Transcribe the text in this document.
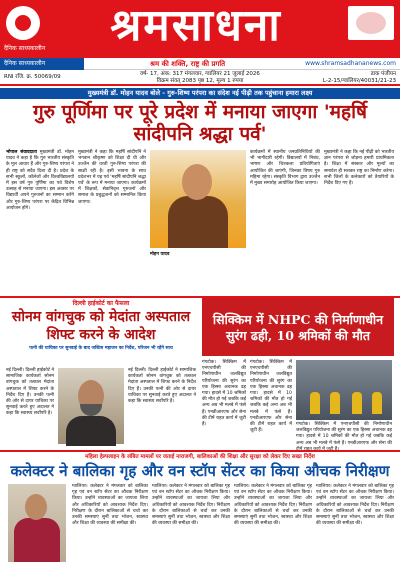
श्रमसाधना
दैनिक साध्यकालीन
दैनिक साध्यकालीन	श्रम की शक्ति, राष्ट्र की प्रगति	www.shramsadhananews.com
RNI रजि. क्र. 50069/09	वर्ष- 17, अंक: 317 मंगलवार, ग्वालियर 21 जुलाई 2026
विक्रम संवत् 2083 पृष्ठ 12, मूल्य 1 रुपया
डाक पंजीयन
L-2-15/ग्वालियर/40031/21-23
मुख्यमंत्री डॉ. मोहन यादव बोले - गुरु-शिष्य परंपरा का संदेश नई पीढ़ी तक पहुंचाना हमारा लक्ष्य
गुरु पूर्णिमा पर पूरे प्रदेश में मनाया जाएगा 'महर्षि सांदीपनि श्रद्धा पर्व'
भोपाल संवाददाता मुख्यमंत्री डॉ. मोहन यादव ने कहा है कि गुरु भारतीय संस्कृति के मूल आधार हैं और गुरु-शिष्य परंपरा ने ही राष्ट्र को सदैव दिशा दी है। प्रदेश के सभी स्कूलों, कॉलेजों और विश्वविद्यालयों में इस वर्ष गुरु पूर्णिमा का पर्व विशेष उत्साह से मनाया जाएगा। इस अवसर पर विद्यार्थी अपने गुरुजनों का सम्मान करेंगे और गुरु-शिष्य परंपरा पर केंद्रित विभिन्न आयोजन होंगे।
मुख्यमंत्री ने कहा कि महर्षि सांदीपनि ने भगवान श्रीकृष्ण को शिक्षा दी थी और उज्जैन की धरती गुरु-शिष्य परंपरा की साक्षी रही है। इसी भावना के साथ प्रदेशभर में यह पर्व 'महर्षि सांदीपनि श्रद्धा पर्व' के रूप में मनाया जाएगा। कार्यक्रमों में शिक्षकों, सेवानिवृत्त गुरुजनों और समाज के प्रबुद्धजनों को सम्मानित किया जाएगा।
मोहन यादव
कार्यक्रमों में स्थानीय जनप्रतिनिधियों की भी भागीदारी रहेगी। विद्यालयों में निबंध, भाषण और चित्रकला प्रतियोगिताएं आयोजित की जाएंगी, जिनका विषय गुरु महिमा रहेगा। संस्कृति विभाग द्वारा उज्जैन में मुख्य समारोह आयोजित किया जाएगा।
मुख्यमंत्री ने कहा कि नई पीढ़ी को भारतीय ज्ञान परंपरा से जोड़ना हमारी प्राथमिकता है। शिक्षा में संस्कार और मूल्यों का समावेश ही सशक्त राष्ट्र का निर्माण करेगा। सभी जिलों के कलेक्टरों को तैयारियों के निर्देश दिए गए हैं।
दिल्ली हाईकोर्ट का फैसला
सोनम वांगचुक को मेदांता अस्पताल शिफ्ट करने के आदेश
पत्नी की याचिका पर सुनवाई के बाद जस्टिस महाजन का निर्देश, परिजन भी रहेंगे साथ
नई दिल्ली। दिल्ली हाईकोर्ट ने सामाजिक कार्यकर्ता सोनम वांगचुक को तत्काल मेदांता अस्पताल में शिफ्ट करने के निर्देश दिए हैं। उनकी पत्नी की ओर से दायर याचिका पर सुनवाई करते हुए अदालत ने कहा कि स्वास्थ्य सर्वोपरि है।
नई दिल्ली। दिल्ली हाईकोर्ट ने सामाजिक कार्यकर्ता सोनम वांगचुक को तत्काल मेदांता अस्पताल में शिफ्ट करने के निर्देश दिए हैं। उनकी पत्नी की ओर से दायर याचिका पर सुनवाई करते हुए अदालत ने कहा कि स्वास्थ्य सर्वोपरि है।
सिक्किम में NHPC की निर्माणाधीन सुरंग ढही, 10 श्रमिकों की मौत
गंगटोक। सिक्किम में एनएचपीसी की निर्माणाधीन जलविद्युत परियोजना की सुरंग का एक हिस्सा अचानक ढह गया। हादसे में 10 श्रमिकों की मौत हो गई जबकि कई अन्य अब भी मलबे में फंसे हैं। एनडीआरएफ और सेना की टीमें राहत कार्य में जुटी हैं।
गंगटोक। सिक्किम में एनएचपीसी की निर्माणाधीन जलविद्युत परियोजना की सुरंग का एक हिस्सा अचानक ढह गया। हादसे में 10 श्रमिकों की मौत हो गई जबकि कई अन्य अब भी मलबे में फंसे हैं। एनडीआरएफ और सेना की टीमें राहत कार्य में जुटी हैं।
गंगटोक। सिक्किम में एनएचपीसी की निर्माणाधीन जलविद्युत परियोजना की सुरंग का एक हिस्सा अचानक ढह गया। हादसे में 10 श्रमिकों की मौत हो गई जबकि कई अन्य अब भी मलबे में फंसे हैं। एनडीआरएफ और सेना की
महिला हेल्पलाइन के लंबित मामलों पर जताई नाराजगी, बालिकाओं की शिक्षा और सुरक्षा को लेकर दिए सख्त निर्देश
कलेक्टर ने बालिका गृह और वन स्टॉप सेंटर का किया औचक निरीक्षण
ग्वालियर। कलेक्टर ने मंगलवार को बालिका गृह एवं वन स्टॉप सेंटर का औचक निरीक्षण किया। उन्होंने व्यवस्थाओं का जायजा लिया और अधिकारियों को आवश्यक निर्देश दिए। निरीक्षण के दौरान बालिकाओं से चर्चा कर उनकी समस्याएं सुनीं तथा भोजन, स्वास्थ्य और शिक्षा की व्यवस्था की समीक्षा की।
ग्वालियर। कलेक्टर ने मंगलवार को बालिका गृह एवं वन स्टॉप सेंटर का औचक निरीक्षण किया। उन्होंने व्यवस्थाओं का जायजा लिया और अधिकारियों को आवश्यक निर्देश दिए। निरीक्षण के दौरान बालिकाओं से चर्चा कर उनकी समस्याएं सुनीं तथा भोजन, स्वास्थ्य और शिक्षा की व्यवस्था की समीक्षा की।
ग्वालियर। कलेक्टर ने मंगलवार को बालिका गृह एवं वन स्टॉप सेंटर का औचक निरीक्षण किया। उन्होंने व्यवस्थाओं का जायजा लिया और अधिकारियों को आवश्यक निर्देश दिए। निरीक्षण के दौरान बालिकाओं से चर्चा कर उनकी समस्याएं सुनीं तथा भोजन, स्वास्थ्य और शिक्षा की व्यवस्था की समीक्षा की।
ग्वालियर। कलेक्टर ने मंगलवार को बालिका गृह एवं वन स्टॉप सेंटर का औचक निरीक्षण किया। उन्होंने व्यवस्थाओं का जायजा लिया और अधिकारियों को आवश्यक निर्देश दिए। निरीक्षण के दौरान बालिकाओं से चर्चा कर उनकी समस्याएं सुनीं तथा भोजन, स्वास्थ्य और शिक्षा की व्यवस्था की समीक्षा की।
